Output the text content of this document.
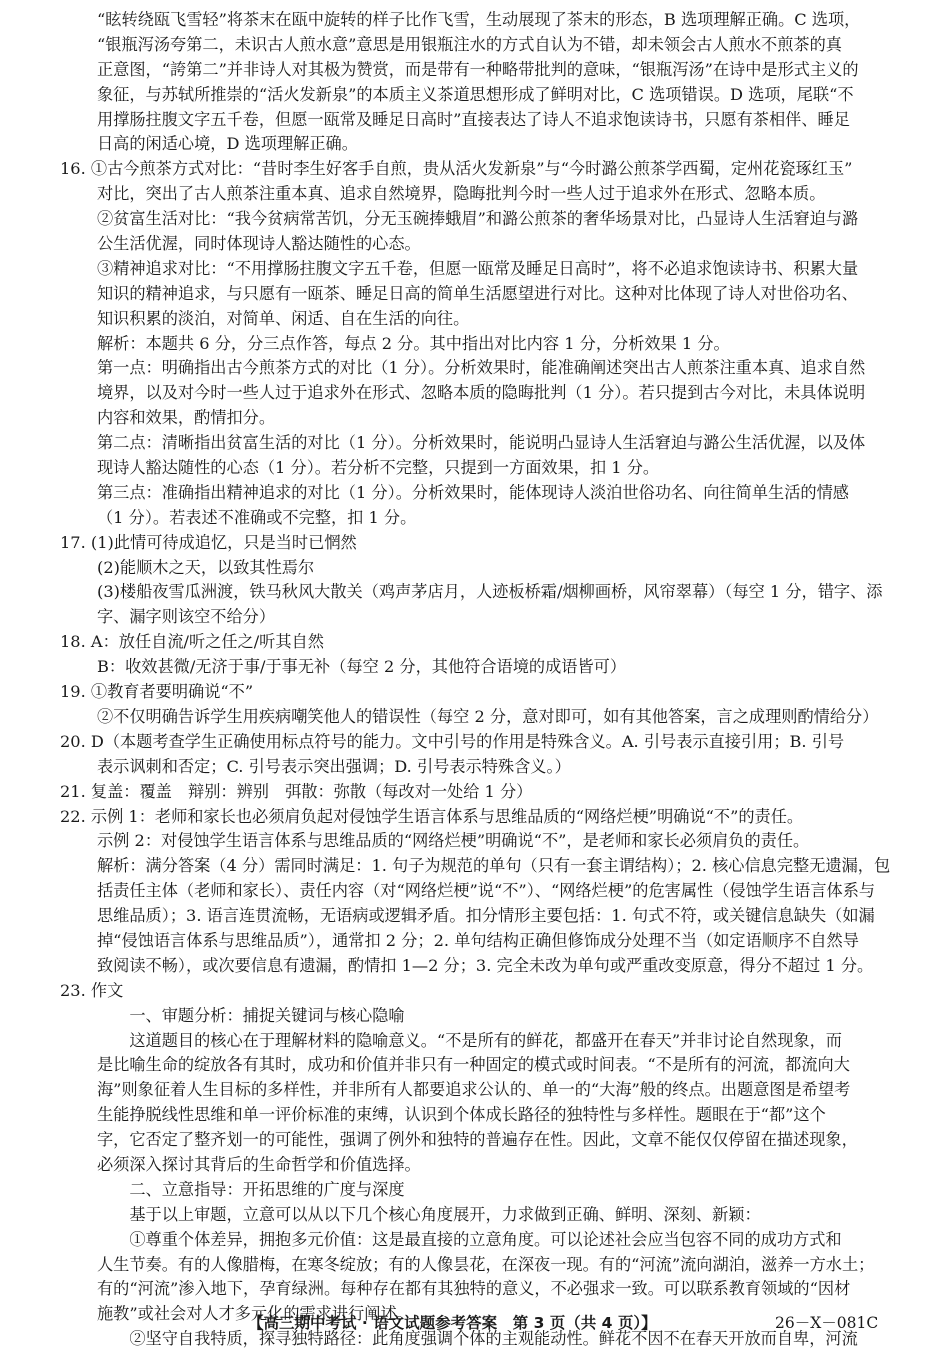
“眩转绕瓯飞雪轻”将茶末在瓯中旋转的样子比作飞雪，生动展现了茶末的形态，B 选项理解正确。C 选项，
“银瓶泻汤夸第二，未识古人煎水意”意思是用银瓶注水的方式自认为不错，却未领会古人煎水不煎茶的真
正意图，“誇第二”并非诗人对其极为赞赏，而是带有一种略带批判的意味，“银瓶泻汤”在诗中是形式主义的
象征，与苏轼所推崇的“活火发新泉”的本质主义茶道思想形成了鲜明对比，C 选项错误。D 选项，尾联“不
用撑肠拄腹文字五千卷，但愿一瓯常及睡足日高时”直接表达了诗人不追求饱读诗书，只愿有茶相伴、睡足
日高的闲适心境，D 选项理解正确。
16. ①古今煎茶方式对比：“昔时李生好客手自煎，贵从活火发新泉”与“今时潞公煎茶学西蜀，定州花瓷琢红玉”
对比，突出了古人煎茶注重本真、追求自然境界，隐晦批判今时一些人过于追求外在形式、忽略本质。
②贫富生活对比：“我今贫病常苦饥，分无玉碗捧蛾眉”和潞公煎茶的奢华场景对比，凸显诗人生活窘迫与潞
公生活优渥，同时体现诗人豁达随性的心态。
③精神追求对比：“不用撑肠拄腹文字五千卷，但愿一瓯常及睡足日高时”，将不必追求饱读诗书、积累大量
知识的精神追求，与只愿有一瓯茶、睡足日高的简单生活愿望进行对比。这种对比体现了诗人对世俗功名、
知识积累的淡泊，对简单、闲适、自在生活的向往。
解析：本题共 6 分，分三点作答，每点 2 分。其中指出对比内容 1 分，分析效果 1 分。
第一点：明确指出古今煎茶方式的对比（1 分）。分析效果时，能准确阐述突出古人煎茶注重本真、追求自然
境界，以及对今时一些人过于追求外在形式、忽略本质的隐晦批判（1 分）。若只提到古今对比，未具体说明
内容和效果，酌情扣分。
第二点：清晰指出贫富生活的对比（1 分）。分析效果时，能说明凸显诗人生活窘迫与潞公生活优渥，以及体
现诗人豁达随性的心态（1 分）。若分析不完整，只提到一方面效果，扣 1 分。
第三点：准确指出精神追求的对比（1 分）。分析效果时，能体现诗人淡泊世俗功名、向往简单生活的情感
（1 分）。若表述不准确或不完整，扣 1 分。
17. (1)此情可待成追忆，只是当时已惘然
(2)能顺木之天，以致其性焉尔
(3)楼船夜雪瓜洲渡，铁马秋风大散关（鸡声茅店月，人迹板桥霜/烟柳画桥，风帘翠幕）（每空 1 分，错字、添
字、漏字则该空不给分）
18. A：放任自流/听之任之/听其自然
B：收效甚微/无济于事/于事无补（每空 2 分，其他符合语境的成语皆可）
19. ①教育者要明确说“不”
②不仅明确告诉学生用疾病嘲笑他人的错误性（每空 2 分，意对即可，如有其他答案，言之成理则酌情给分）
20. D（本题考查学生正确使用标点符号的能力。文中引号的作用是特殊含义。A. 引号表示直接引用；B. 引号
表示讽刺和否定；C. 引号表示突出强调；D. 引号表示特殊含义。）
21. 复盖：覆盖　辩别：辨别　弭散：弥散（每改对一处给 1 分）
22. 示例 1：老师和家长也必须肩负起对侵蚀学生语言体系与思维品质的“网络烂梗”明确说“不”的责任。
示例 2：对侵蚀学生语言体系与思维品质的“网络烂梗”明确说“不”，是老师和家长必须肩负的责任。
解析：满分答案（4 分）需同时满足：1. 句子为规范的单句（只有一套主谓结构）；2. 核心信息完整无遗漏，包
括责任主体（老师和家长）、责任内容（对“网络烂梗”说“不”）、“网络烂梗”的危害属性（侵蚀学生语言体系与
思维品质）；3. 语言连贯流畅，无语病或逻辑矛盾。扣分情形主要包括：1. 句式不符，或关键信息缺失（如漏
掉“侵蚀语言体系与思维品质”），通常扣 2 分；2. 单句结构正确但修饰成分处理不当（如定语顺序不自然导
致阅读不畅），或次要信息有遗漏，酌情扣 1—2 分；3. 完全未改为单句或严重改变原意，得分不超过 1 分。
23. 作文
　　一、审题分析：捕捉关键词与核心隐喻
　　这道题目的核心在于理解材料的隐喻意义。“不是所有的鲜花，都盛开在春天”并非讨论自然现象，而
是比喻生命的绽放各有其时，成功和价值并非只有一种固定的模式或时间表。“不是所有的河流，都流向大
海”则象征着人生目标的多样性，并非所有人都要追求公认的、单一的“大海”般的终点。出题意图是希望考
生能挣脱线性思维和单一评价标准的束缚，认识到个体成长路径的独特性与多样性。题眼在于“都”这个
字，它否定了整齐划一的可能性，强调了例外和独特的普遍存在性。因此，文章不能仅仅停留在描述现象，
必须深入探讨其背后的生命哲学和价值选择。
　　二、立意指导：开拓思维的广度与深度
　　基于以上审题，立意可以从以下几个核心角度展开，力求做到正确、鲜明、深刻、新颖：
　　①尊重个体差异，拥抱多元价值：这是最直接的立意角度。可以论述社会应当包容不同的成功方式和
人生节奏。有的人像腊梅，在寒冬绽放；有的人像昙花，在深夜一现。有的“河流”流向湖泊，滋养一方水土；
有的“河流”渗入地下，孕育绿洲。每种存在都有其独特的意义，不必强求一致。可以联系教育领域的“因材
施教”或社会对人才多元化的需求进行阐述。
　　②坚守自我特质，探寻独特路径：此角度强调个体的主观能动性。鲜花不因不在春天开放而自卑，河流
【高三期中考试 · 语文试题参考答案　第 3 页（共 4 页）】	26－X－081C
